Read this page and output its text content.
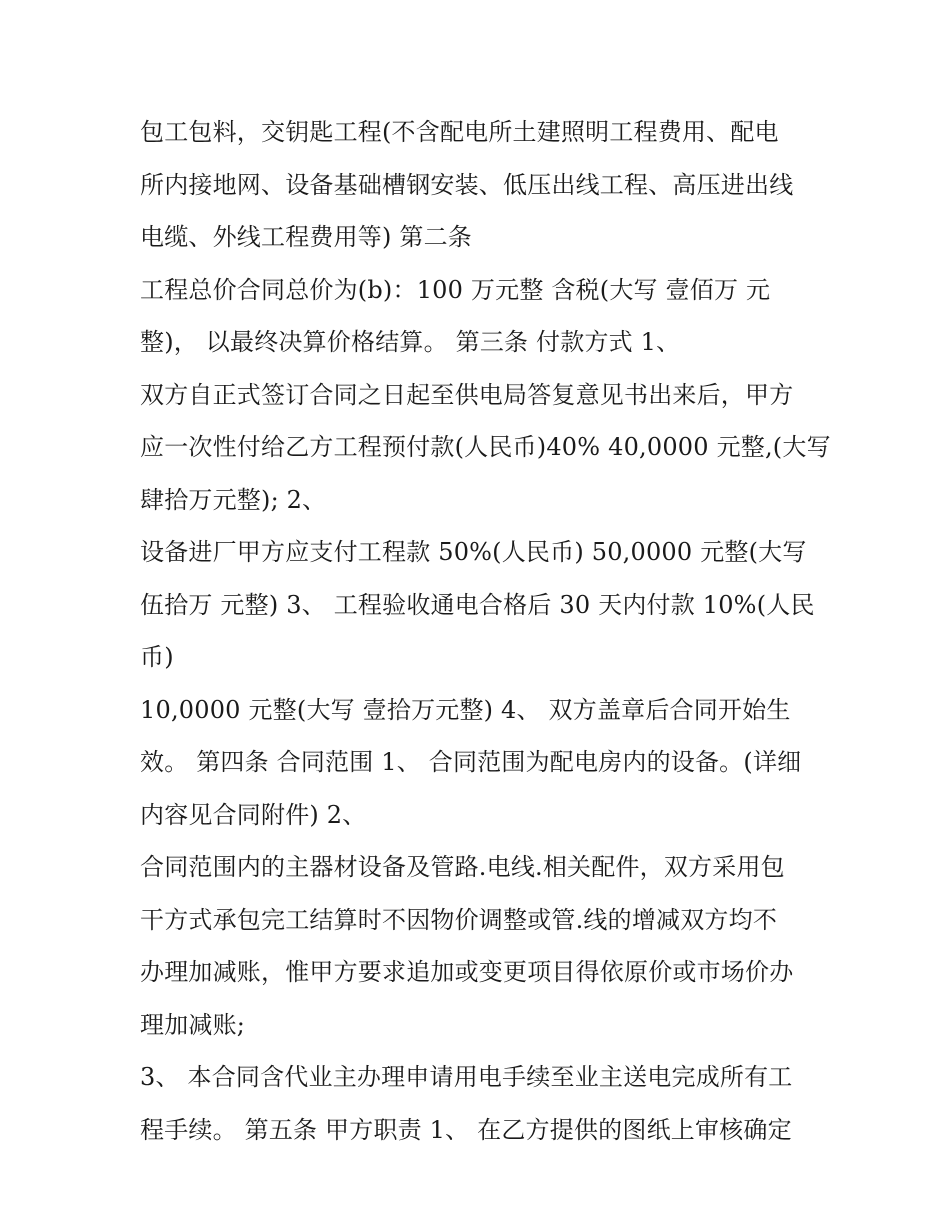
包工包料，交钥匙工程(不含配电所土建照明工程费用、配电
所内接地网、设备基础槽钢安装、低压出线工程、高压进出线
电缆、外线工程费用等) 第二条
工程总价合同总价为(b)：100 万元整 含税(大写 壹佰万 元
整)， 以最终决算价格结算。 第三条 付款方式 1、
双方自正式签订合同之日起至供电局答复意见书出来后，甲方
应一次性付给乙方工程预付款(人民币)40% 40,0000 元整,(大写
肆拾万元整); 2、
设备进厂甲方应支付工程款 50%(人民币) 50,0000 元整(大写
伍拾万 元整) 3、 工程验收通电合格后 30 天内付款 10%(人民
币)
10,0000 元整(大写 壹拾万元整) 4、 双方盖章后合同开始生
效。 第四条 合同范围 1、 合同范围为配电房内的设备。(详细
内容见合同附件) 2、
合同范围内的主器材设备及管路.电线.相关配件，双方采用包
干方式承包完工结算时不因物价调整或管.线的增减双方均不
办理加减账，惟甲方要求追加或变更项目得依原价或市场价办
理加减账;
3、 本合同含代业主办理申请用电手续至业主送电完成所有工
程手续。 第五条 甲方职责 1、 在乙方提供的图纸上审核确定
